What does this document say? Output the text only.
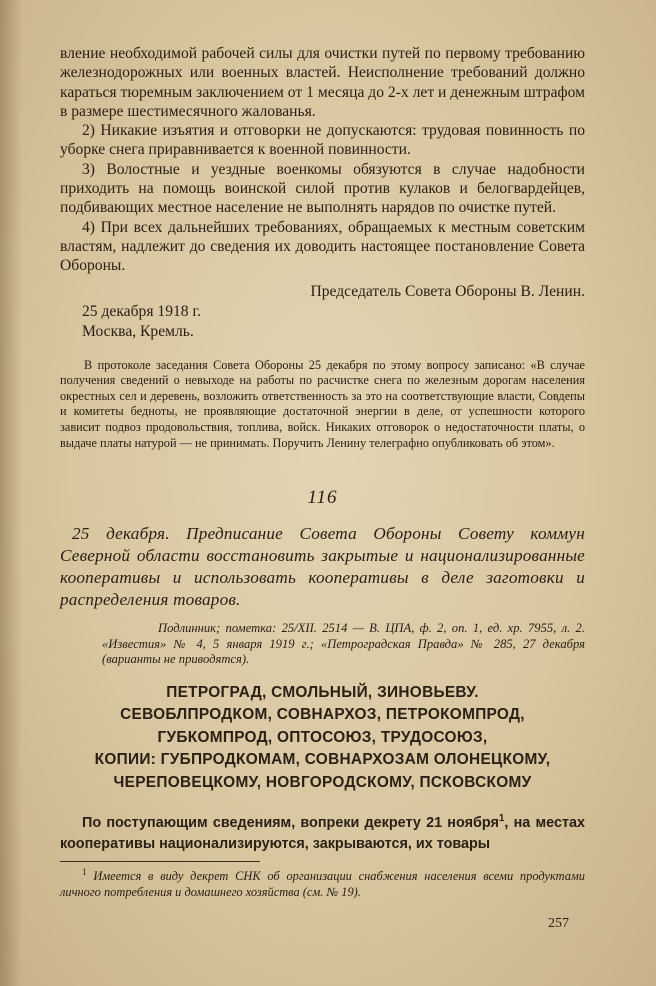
вление необходимой рабочей силы для очистки путей по первому требованию железнодорожных или военных властей. Неисполнение требований должно караться тюремным заключением от 1 месяца до 2-х лет и денежным штрафом в размере шестимесячного жалованья.

2) Никакие изъятия и отговорки не допускаются: трудовая повинность по уборке снега приравнивается к военной повинности.

3) Волостные и уездные военкомы обязуются в случае надобности приходить на помощь воинской силой против кулаков и белогвардейцев, подбивающих местное население не выполнять нарядов по очистке путей.

4) При всех дальнейших требованиях, обращаемых к местным советским властям, надлежит до сведения их доводить настоящее постановление Совета Обороны.

Председатель Совета Обороны В. Ленин.

25 декабря 1918 г.
Москва, Кремль.

В протоколе заседания Совета Обороны 25 декабря по этому вопросу записано: «В случае получения сведений о невыходе на работы по расчистке снега по железным дорогам населения окрестных сел и деревень, возложить ответственность за это на соответствующие власти, Совдепы и комитеты бедноты, не проявляющие достаточной энергии в деле, от успешности которого зависит подвоз продовольствия, топлива, войск. Никаких отговорок о недостаточности платы, о выдаче платы натурой — не принимать. Поручить Ленину телеграфно опубликовать об этом».

116

25 декабря. Предписание Совета Обороны Совету коммун Северной области восстановить закрытые и национализированные кооперативы и использовать кооперативы в деле заготовки и распределения товаров.

Подлинник; пометка: 25/XII. 2514 — В. ЦПА, ф. 2, оп. 1, ед. хр. 7955, л. 2. «Известия» № 4, 5 января 1919 г.; «Петроградская Правда» № 285, 27 декабря (варианты не приводятся).

ПЕТРОГРАД, СМОЛЬНЫЙ, ЗИНОВЬЕВУ.
СЕВОБЛПРОДКОМ, СОВНАРХОЗ, ПЕТРОКОМПРОД,
ГУБКОМПРОД, ОПТОСОЮЗ, ТРУДОСОЮЗ,
КОПИИ: ГУБПРОДКОМАМ, СОВНАРХОЗАМ ОЛОНЕЦКОМУ,
ЧЕРЕПОВЕЦКОМУ, НОВГОРОДСКОМУ, ПСКОВСКОМУ

По поступающим сведениям, вопреки декрету 21 ноября$^1$, на местах кооперативы национализируются, закрываются, их товары

$^1$ Имеется в виду декрет СНК об организации снабжения населения всеми продуктами личного потребления и домашнего хозяйства (см. № 19).

257
